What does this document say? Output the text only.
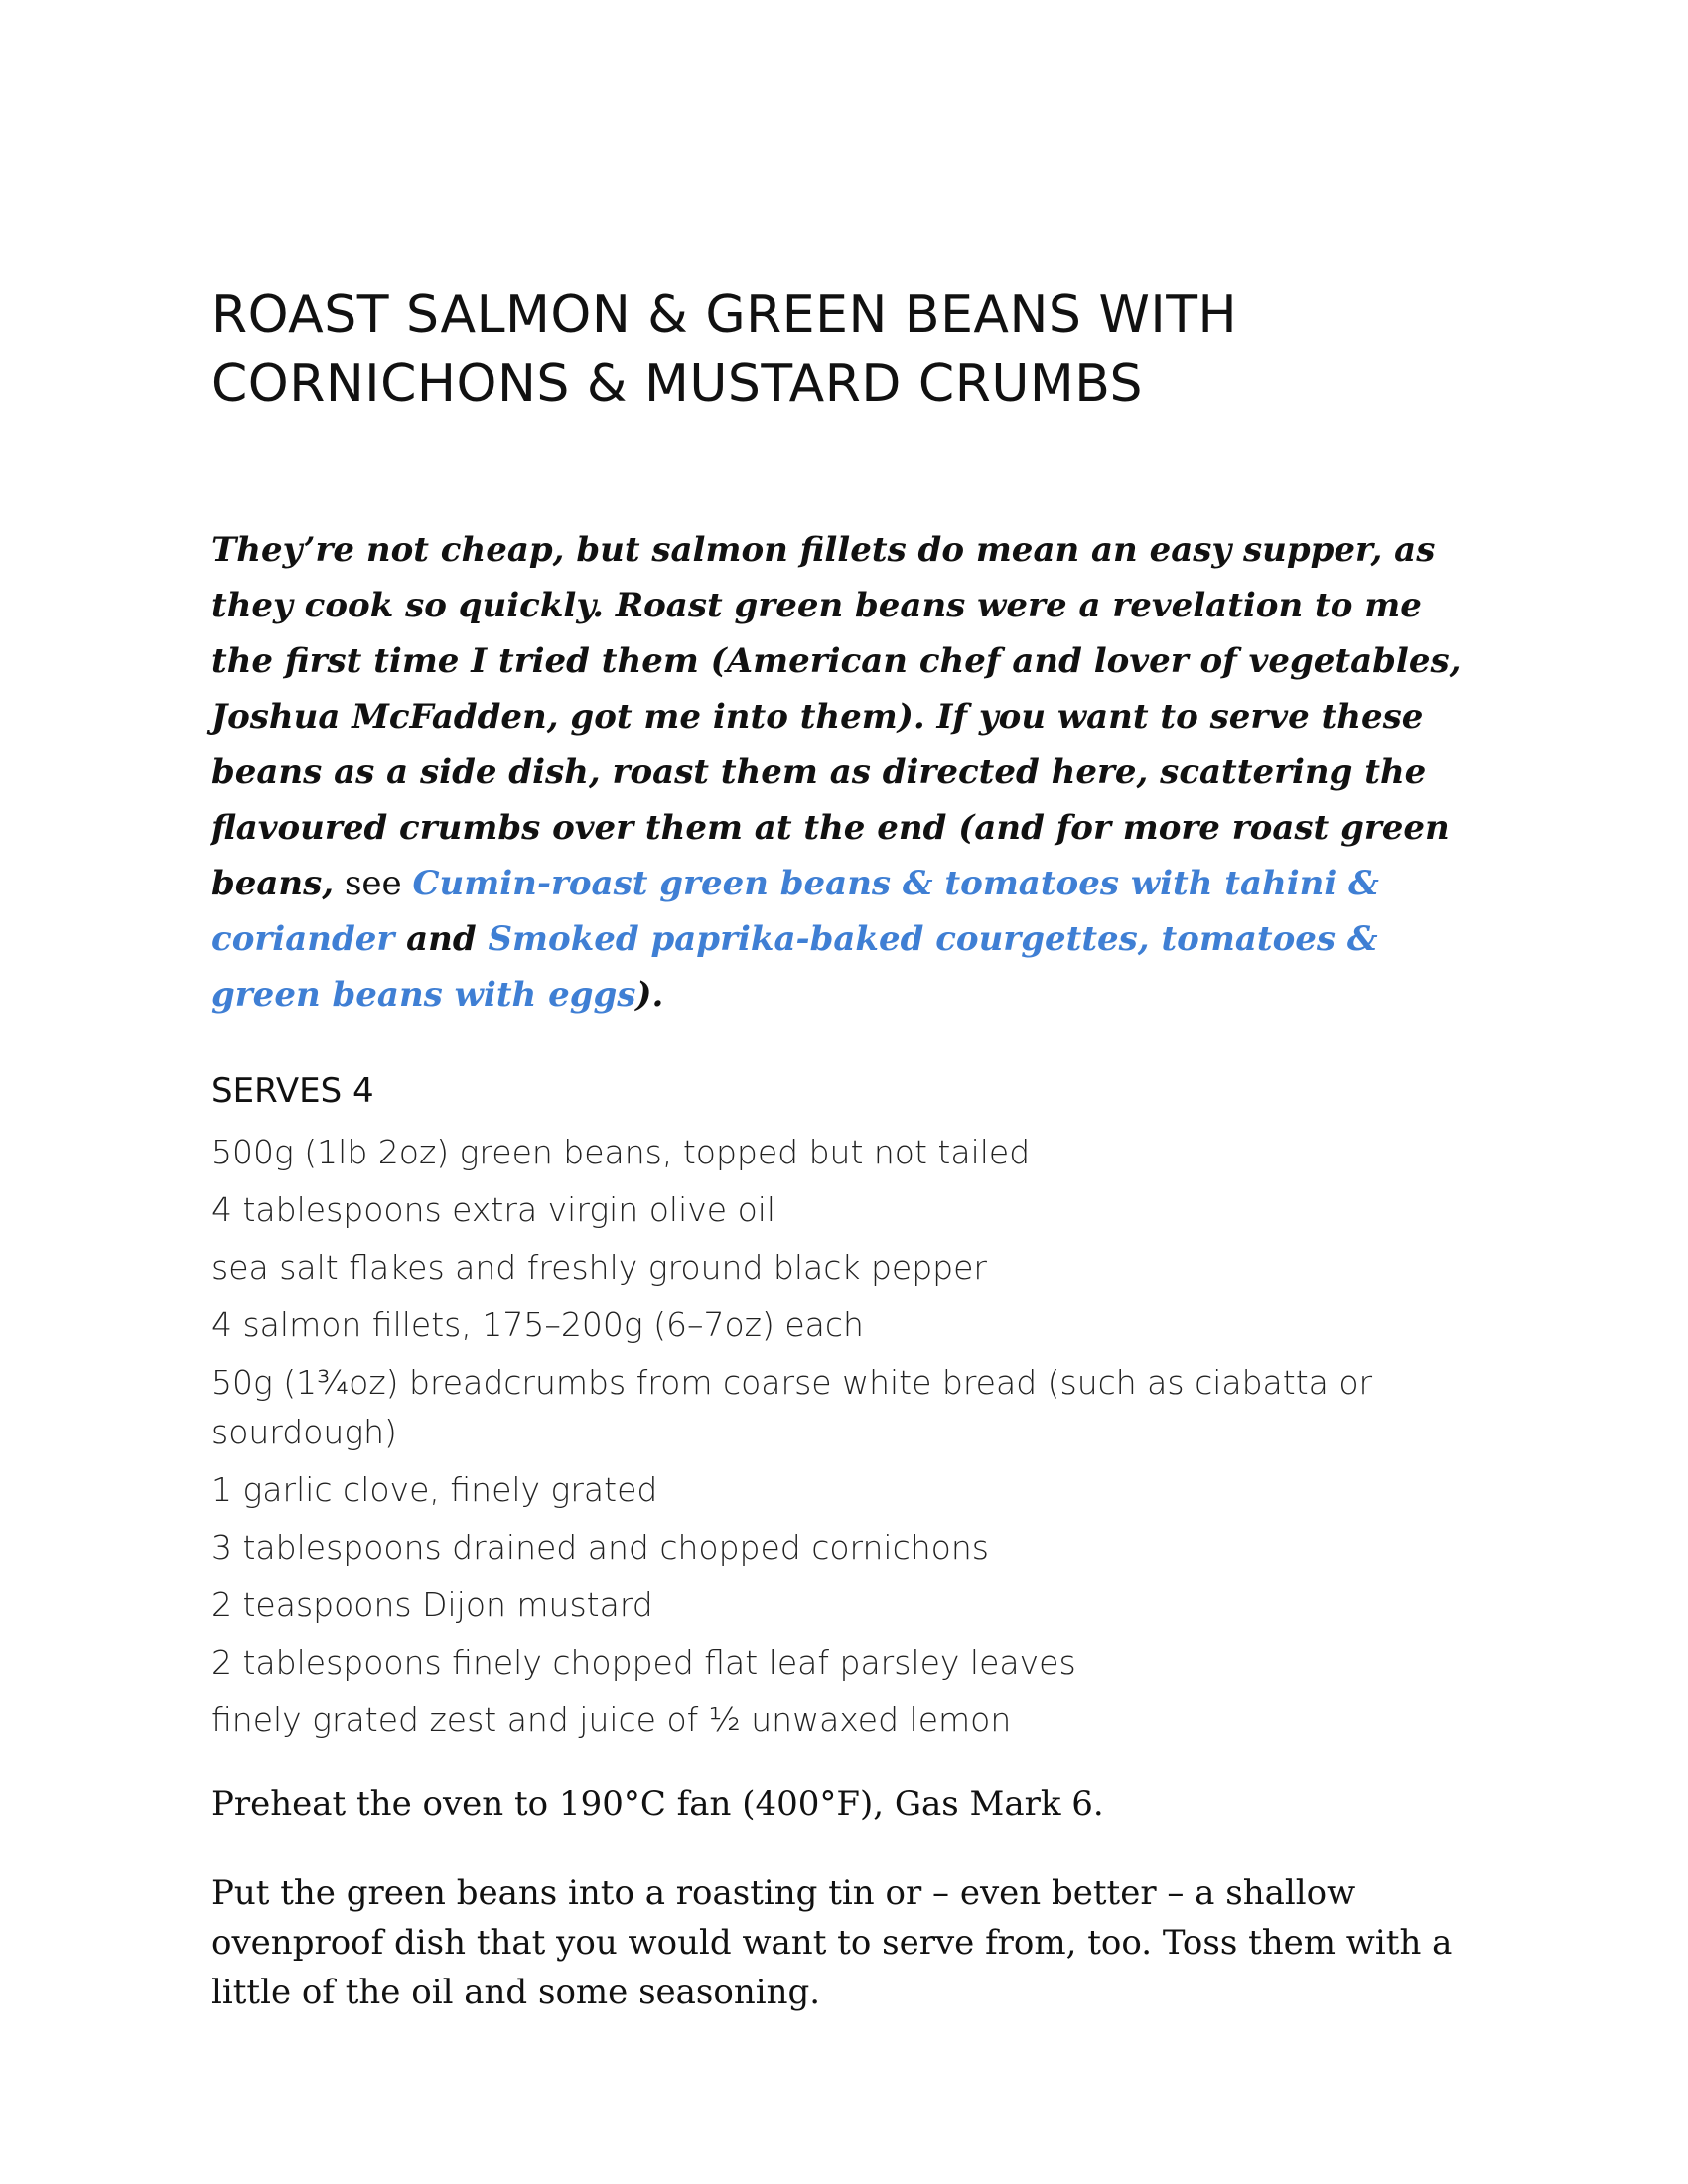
ROAST SALMON & GREEN BEANS WITH
CORNICHONS & MUSTARD CRUMBS

They’re not cheap, but salmon fillets do mean an easy supper, as they cook so quickly. Roast green beans were a revelation to me the first time I tried them (American chef and lover of vegetables, Joshua McFadden, got me into them). If you want to serve these beans as a side dish, roast them as directed here, scattering the flavoured crumbs over them at the end (and for more roast green beans, see Cumin-roast green beans & tomatoes with tahini & coriander and Smoked paprika-baked courgettes, tomatoes & green beans with eggs).

SERVES 4
500g (1lb 2oz) green beans, topped but not tailed
4 tablespoons extra virgin olive oil
sea salt flakes and freshly ground black pepper
4 salmon fillets, 175–200g (6–7oz) each
50g (1¾oz) breadcrumbs from coarse white bread (such as ciabatta or sourdough)
1 garlic clove, finely grated
3 tablespoons drained and chopped cornichons
2 teaspoons Dijon mustard
2 tablespoons finely chopped flat leaf parsley leaves
finely grated zest and juice of ½ unwaxed lemon

Preheat the oven to 190°C fan (400°F), Gas Mark 6.

Put the green beans into a roasting tin or – even better – a shallow ovenproof dish that you would want to serve from, too. Toss them with a little of the oil and some seasoning.
